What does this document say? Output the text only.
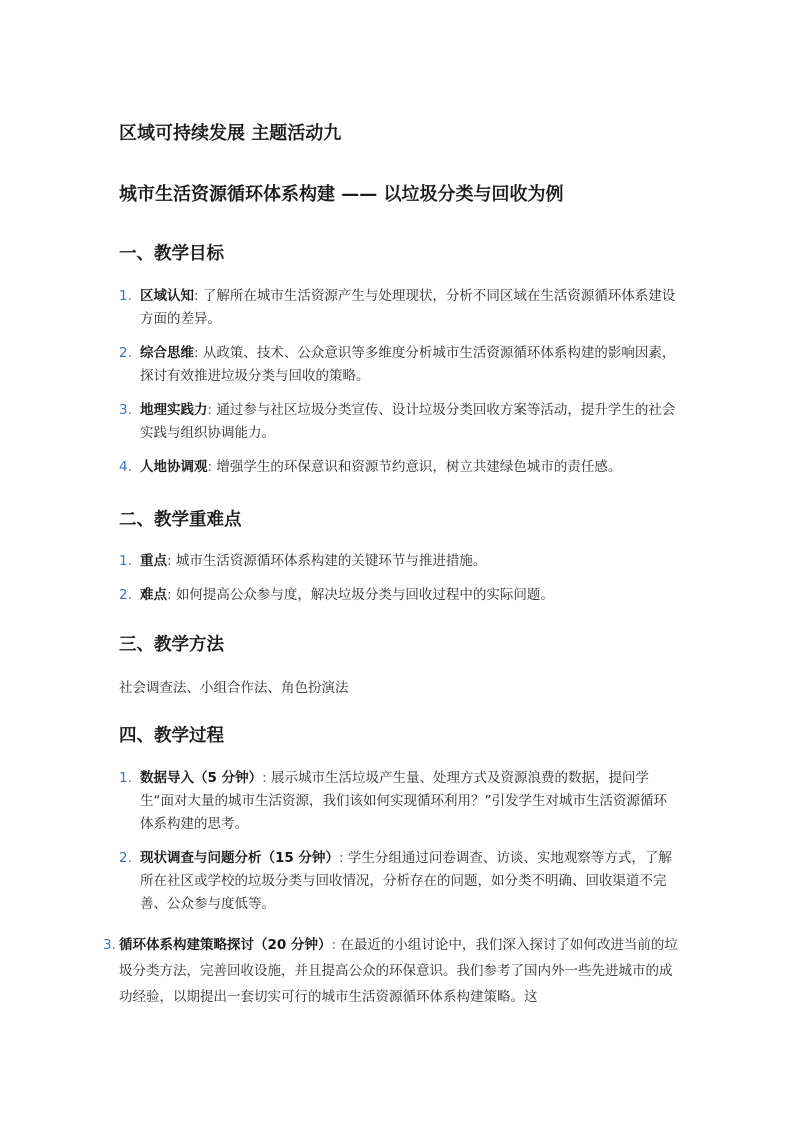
区域可持续发展 主题活动九
城市生活资源循环体系构建 —— 以垃圾分类与回收为例
一、教学目标
1. 区域认知: 了解所在城市生活资源产生与处理现状，分析不同区域在生活资源循环体系建设方面的差异。
2. 综合思维: 从政策、技术、公众意识等多维度分析城市生活资源循环体系构建的影响因素，探讨有效推进垃圾分类与回收的策略。
3. 地理实践力: 通过参与社区垃圾分类宣传、设计垃圾分类回收方案等活动，提升学生的社会实践与组织协调能力。
4. 人地协调观: 增强学生的环保意识和资源节约意识，树立共建绿色城市的责任感。
二、教学重难点
1. 重点: 城市生活资源循环体系构建的关键环节与推进措施。
2. 难点: 如何提高公众参与度，解决垃圾分类与回收过程中的实际问题。
三、教学方法
社会调查法、小组合作法、角色扮演法
四、教学过程
1. 数据导入（5 分钟）: 展示城市生活垃圾产生量、处理方式及资源浪费的数据，提问学生“面对大量的城市生活资源，我们该如何实现循环利用？”引发学生对城市生活资源循环体系构建的思考。
2. 现状调查与问题分析（15 分钟）: 学生分组通过问卷调查、访谈、实地观察等方式，了解所在社区或学校的垃圾分类与回收情况，分析存在的问题，如分类不明确、回收渠道不完善、公众参与度低等。
3. 循环体系构建策略探讨（20 分钟）: 在最近的小组讨论中，我们深入探讨了如何改进当前的垃圾分类方法，完善回收设施，并且提高公众的环保意识。我们参考了国内外一些先进城市的成功经验，以期提出一套切实可行的城市生活资源循环体系构建策略。这
